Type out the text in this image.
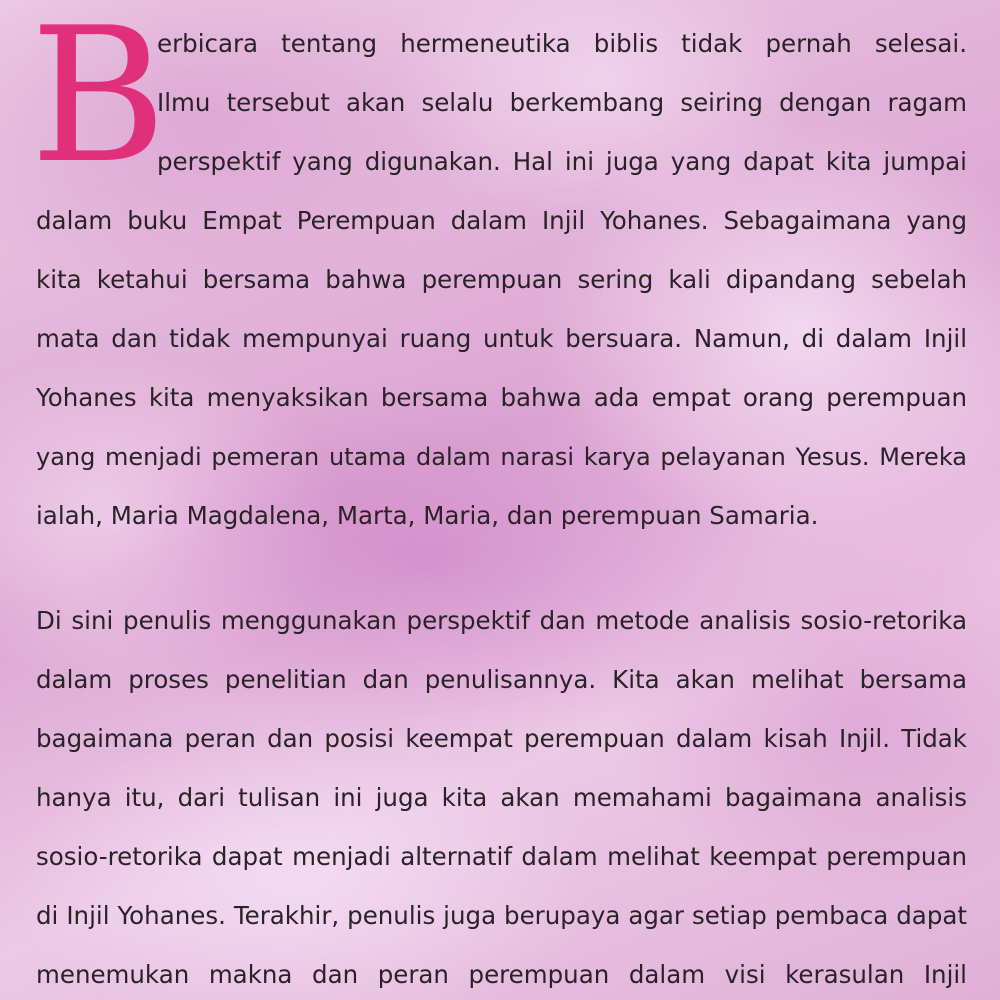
B
erbicara tentang hermeneutika biblis tidak pernah selesai.
Ilmu tersebut akan selalu berkembang seiring dengan ragam
perspektif yang digunakan. Hal ini juga yang dapat kita jumpai
dalam buku Empat Perempuan dalam Injil Yohanes. Sebagaimana yang
kita ketahui bersama bahwa perempuan sering kali dipandang sebelah
mata dan tidak mempunyai ruang untuk bersuara. Namun, di dalam Injil
Yohanes kita menyaksikan bersama bahwa ada empat orang perempuan
yang menjadi pemeran utama dalam narasi karya pelayanan Yesus. Mereka
ialah, Maria Magdalena, Marta, Maria, dan perempuan Samaria.
Di sini penulis menggunakan perspektif dan metode analisis sosio-retorika
dalam proses penelitian dan penulisannya. Kita akan melihat bersama
bagaimana peran dan posisi keempat perempuan dalam kisah Injil. Tidak
hanya itu, dari tulisan ini juga kita akan memahami bagaimana analisis
sosio-retorika dapat menjadi alternatif dalam melihat keempat perempuan
di Injil Yohanes. Terakhir, penulis juga berupaya agar setiap pembaca dapat
menemukan makna dan peran perempuan dalam visi kerasulan Injil
